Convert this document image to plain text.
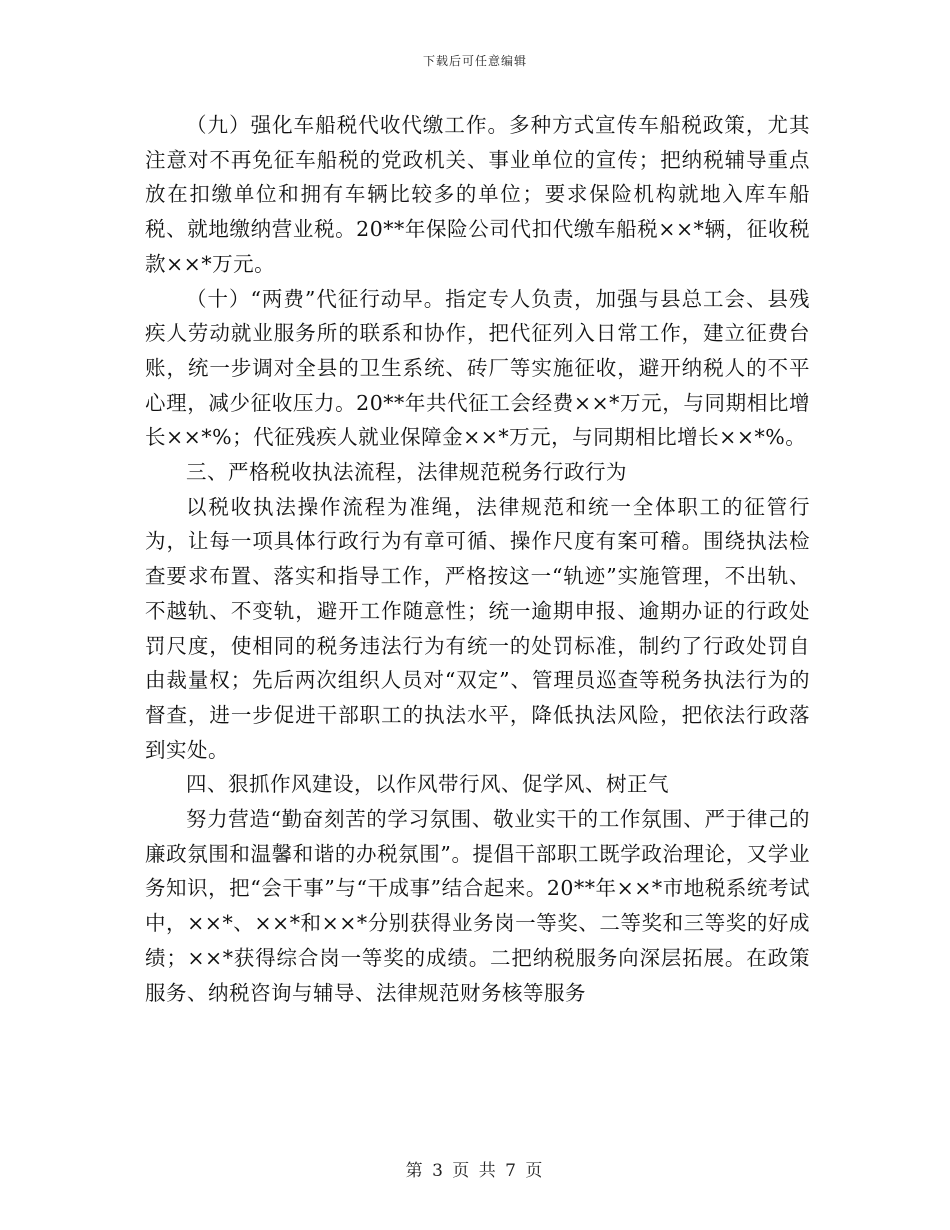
下载后可任意编辑

（九）强化车船税代收代缴工作。多种方式宣传车船税政策，尤其注意对不再免征车船税的党政机关、事业单位的宣传；把纳税辅导重点放在扣缴单位和拥有车辆比较多的单位；要求保险机构就地入库车船税、就地缴纳营业税。20**年保险公司代扣代缴车船税××*辆，征收税款××*万元。

（十）“两费”代征行动早。指定专人负责，加强与县总工会、县残疾人劳动就业服务所的联系和协作，把代征列入日常工作，建立征费台账，统一步调对全县的卫生系统、砖厂等实施征收，避开纳税人的不平心理，减少征收压力。20**年共代征工会经费××*万元，与同期相比增长××*%；代征残疾人就业保障金××*万元，与同期相比增长××*%。

三、严格税收执法流程，法律规范税务行政行为

以税收执法操作流程为准绳，法律规范和统一全体职工的征管行为，让每一项具体行政行为有章可循、操作尺度有案可稽。围绕执法检查要求布置、落实和指导工作，严格按这一“轨迹”实施管理，不出轨、不越轨、不变轨，避开工作随意性；统一逾期申报、逾期办证的行政处罚尺度，使相同的税务违法行为有统一的处罚标准，制约了行政处罚自由裁量权；先后两次组织人员对“双定”、管理员巡查等税务执法行为的督查，进一步促进干部职工的执法水平，降低执法风险，把依法行政落到实处。

四、狠抓作风建设，以作风带行风、促学风、树正气

努力营造“勤奋刻苦的学习氛围、敬业实干的工作氛围、严于律己的廉政氛围和温馨和谐的办税氛围”。提倡干部职工既学政治理论，又学业务知识，把“会干事”与“干成事”结合起来。20**年××*市地税系统考试中，××*、××*和××*分别获得业务岗一等奖、二等奖和三等奖的好成绩；××*获得综合岗一等奖的成绩。二把纳税服务向深层拓展。在政策服务、纳税咨询与辅导、法律规范财务核等服务

第 3 页 共 7 页
